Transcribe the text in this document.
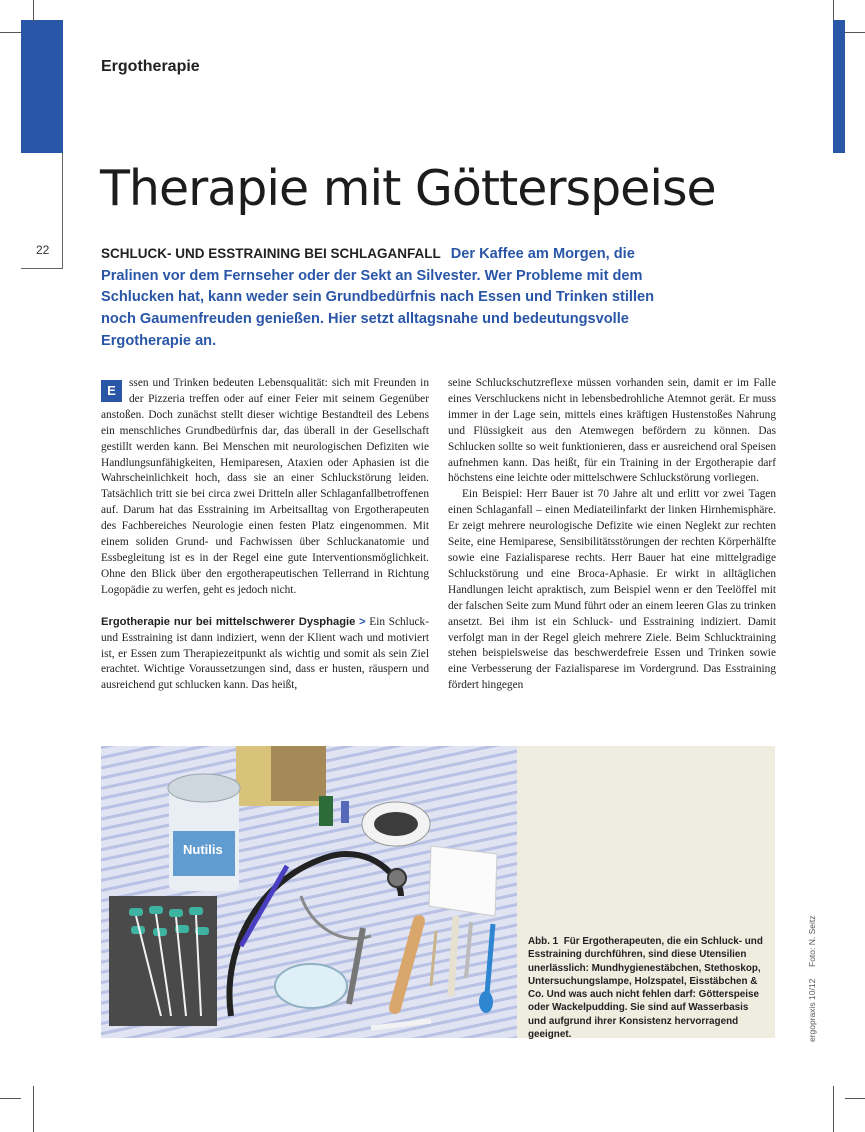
Ergotherapie
22
Therapie mit Götterspeise
SCHLUCK- UND ESSTRAINING BEI SCHLAGANFALL Der Kaffee am Morgen, die Pralinen vor dem Fernseher oder der Sekt an Silvester. Wer Probleme mit dem Schlucken hat, kann weder sein Grundbedürfnis nach Essen und Trinken stillen noch Gaumenfreuden genießen. Hier setzt alltagsnahe und bedeutungsvolle Ergotherapie an.

E	ssen und Trinken bedeuten Lebensqualität: sich mit Freunden in der Pizzeria treffen oder auf einer Feier mit seinem Gegenüber anstoßen. Doch zunächst stellt dieser wichtige Bestandteil des Lebens ein menschliches Grundbedürfnis dar, das überall in der Gesellschaft gestillt werden kann. Bei Menschen mit neurologischen Defiziten wie Handlungsunfähigkeiten, Hemiparesen, Ataxien oder Aphasien ist die Wahrscheinlichkeit hoch, dass sie an einer Schluckstörung leiden. Tatsächlich tritt sie bei circa zwei Dritteln aller Schlaganfallbetroffenen auf. Darum hat das Esstraining im Arbeitsalltag von Ergotherapeuten des Fachbereiches Neurologie einen festen Platz eingenommen. Mit einem soliden Grund- und Fachwissen über Schluckanatomie und Essbegleitung ist es in der Regel eine gute Interventionsmöglichkeit. Ohne den Blick über den ergotherapeutischen Tellerrand in Richtung Logopädie zu werfen, geht es jedoch nicht.

Ergotherapie nur bei mittelschwerer Dysphagie > Ein Schluck- und Esstraining ist dann indiziert, wenn der Klient wach und motiviert ist, er Essen zum Therapiezeitpunkt als wichtig und somit als sein Ziel erachtet. Wichtige Voraussetzungen sind, dass er husten, räuspern und ausreichend gut schlucken kann. Das heißt,

seine Schluckschutzreflexe müssen vorhanden sein, damit er im Falle eines Verschluckens nicht in lebensbedrohliche Atemnot gerät. Er muss immer in der Lage sein, mittels eines kräftigen Hustenstoßes Nahrung und Flüssigkeit aus den Atemwegen befördern zu können. Das Schlucken sollte so weit funktionieren, dass er ausreichend oral Speisen aufnehmen kann. Das heißt, für ein Training in der Ergotherapie darf höchstens eine leichte oder mittelschwere Schluckstörung vorliegen.

Ein Beispiel: Herr Bauer ist 70 Jahre alt und erlitt vor zwei Tagen einen Schlaganfall – einen Mediateilinfarkt der linken Hirnhemisphäre. Er zeigt mehrere neurologische Defizite wie einen Neglekt zur rechten Seite, eine Hemiparese, Sensibilitätsstörungen der rechten Körperhälfte sowie eine Fazialisparese rechts. Herr Bauer hat eine mittelgradige Schluckstörung und eine Broca-Aphasie. Er wirkt in alltäglichen Handlungen leicht apraktisch, zum Beispiel wenn er den Teelöffel mit der falschen Seite zum Mund führt oder an einem leeren Glas zu trinken ansetzt. Bei ihm ist ein Schluck- und Esstraining indiziert. Damit verfolgt man in der Regel gleich mehrere Ziele. Beim Schlucktraining stehen beispielsweise das beschwerdefreie Essen und Trinken sowie eine Verbesserung der Fazialisparese im Vordergrund. Das Esstraining fördert hingegen

Nutilis
Abb. 1 Für Ergotherapeuten, die ein Schluck- und Esstraining durchführen, sind diese Utensilien unerlässlich: Mundhygienestäbchen, Stethoskop, Untersuchungslampe, Holzspatel, Eisstäbchen & Co. Und was auch nicht fehlen darf: Götterspeise oder Wackelpudding. Sie sind auf Wasserbasis und aufgrund ihrer Konsistenz hervorragend geeignet.
Foto: N. Seitz
ergopraxis 10/12
